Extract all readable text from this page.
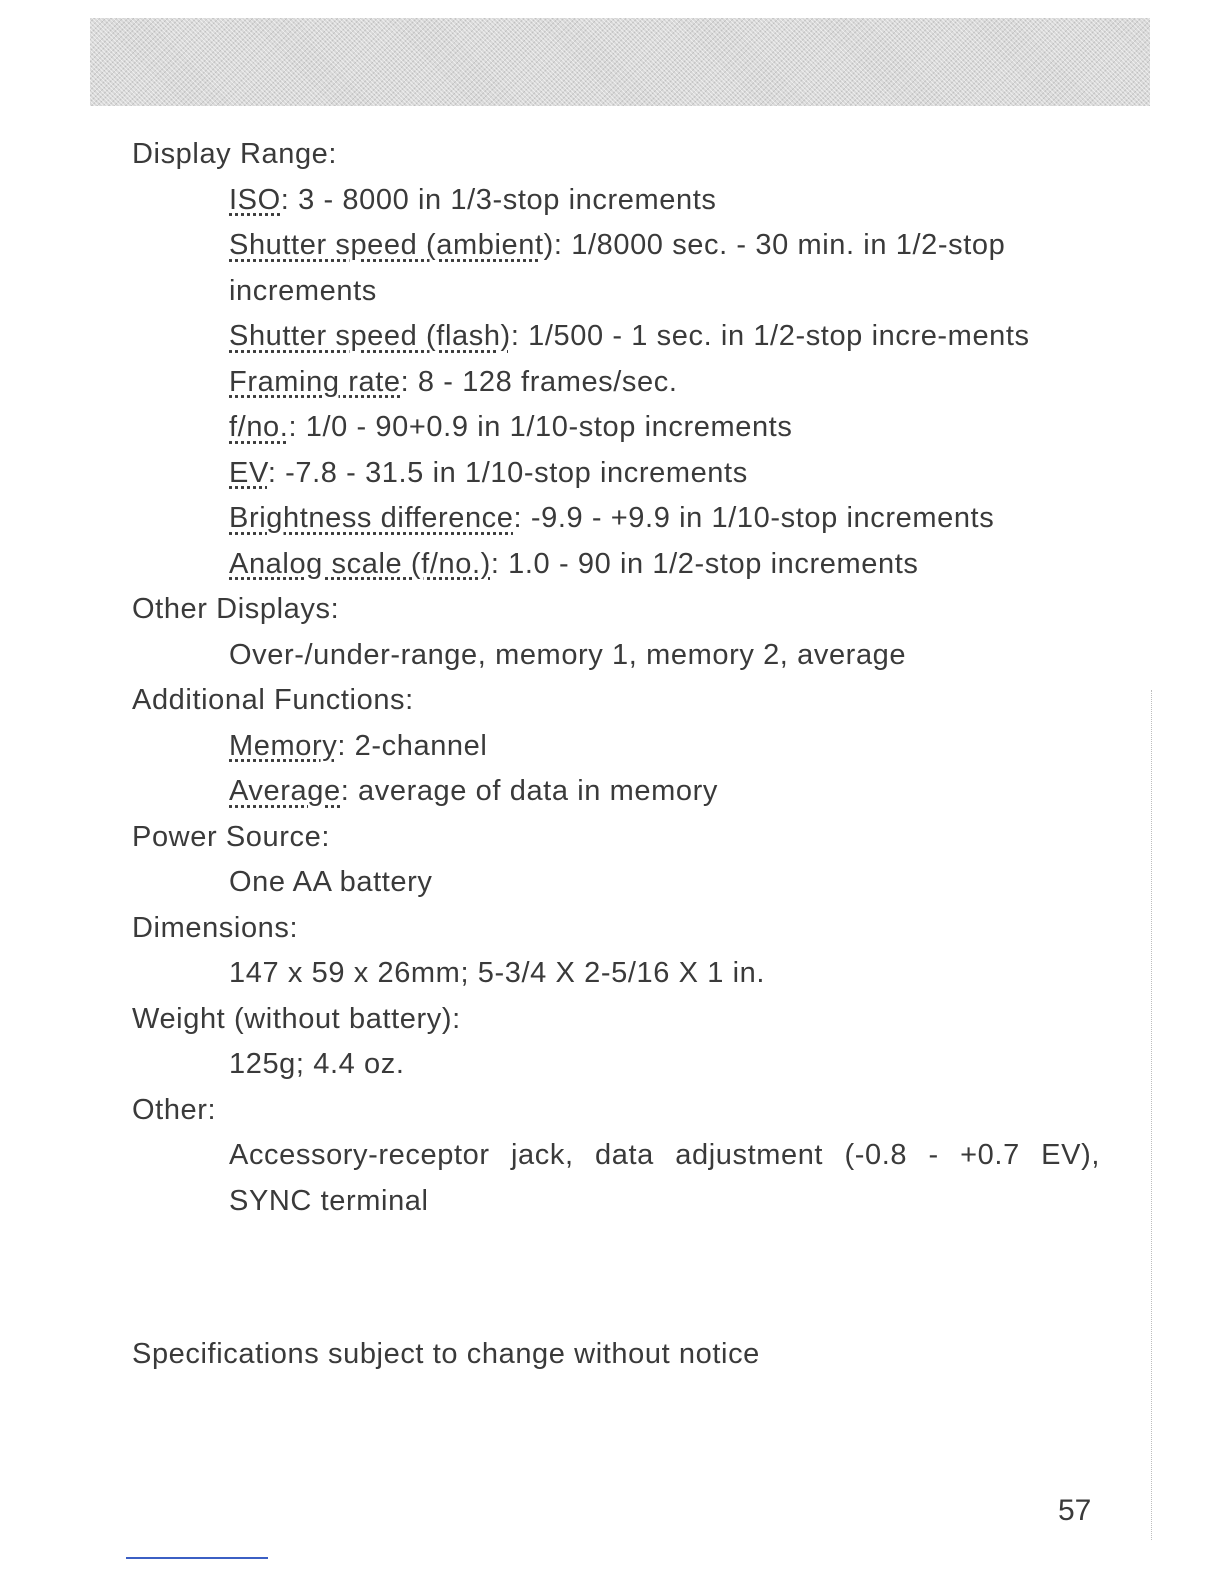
Display Range:
ISO: 3 - 8000 in 1/3-stop increments
Shutter speed (ambient): 1/8000 sec. - 30 min. in 1/2-stop increments
Shutter speed (flash): 1/500 - 1 sec. in 1/2-stop incre-ments
Framing rate: 8 - 128 frames/sec.
f/no.: 1/0 - 90+0.9 in 1/10-stop increments
EV: -7.8 - 31.5 in 1/10-stop increments
Brightness difference: -9.9 - +9.9 in 1/10-stop increments
Analog scale (f/no.): 1.0 - 90 in 1/2-stop increments
Other Displays:
Over-/under-range, memory 1, memory 2, average
Additional Functions:
Memory: 2-channel
Average: average of data in memory
Power Source:
One AA battery
Dimensions:
147 x 59 x 26mm; 5-3/4 X 2-5/16 X 1 in.
Weight (without battery):
125g; 4.4 oz.
Other:
Accessory-receptor jack, data adjustment (-0.8 - +0.7 EV), SYNC terminal
Specifications subject to change without notice
57
